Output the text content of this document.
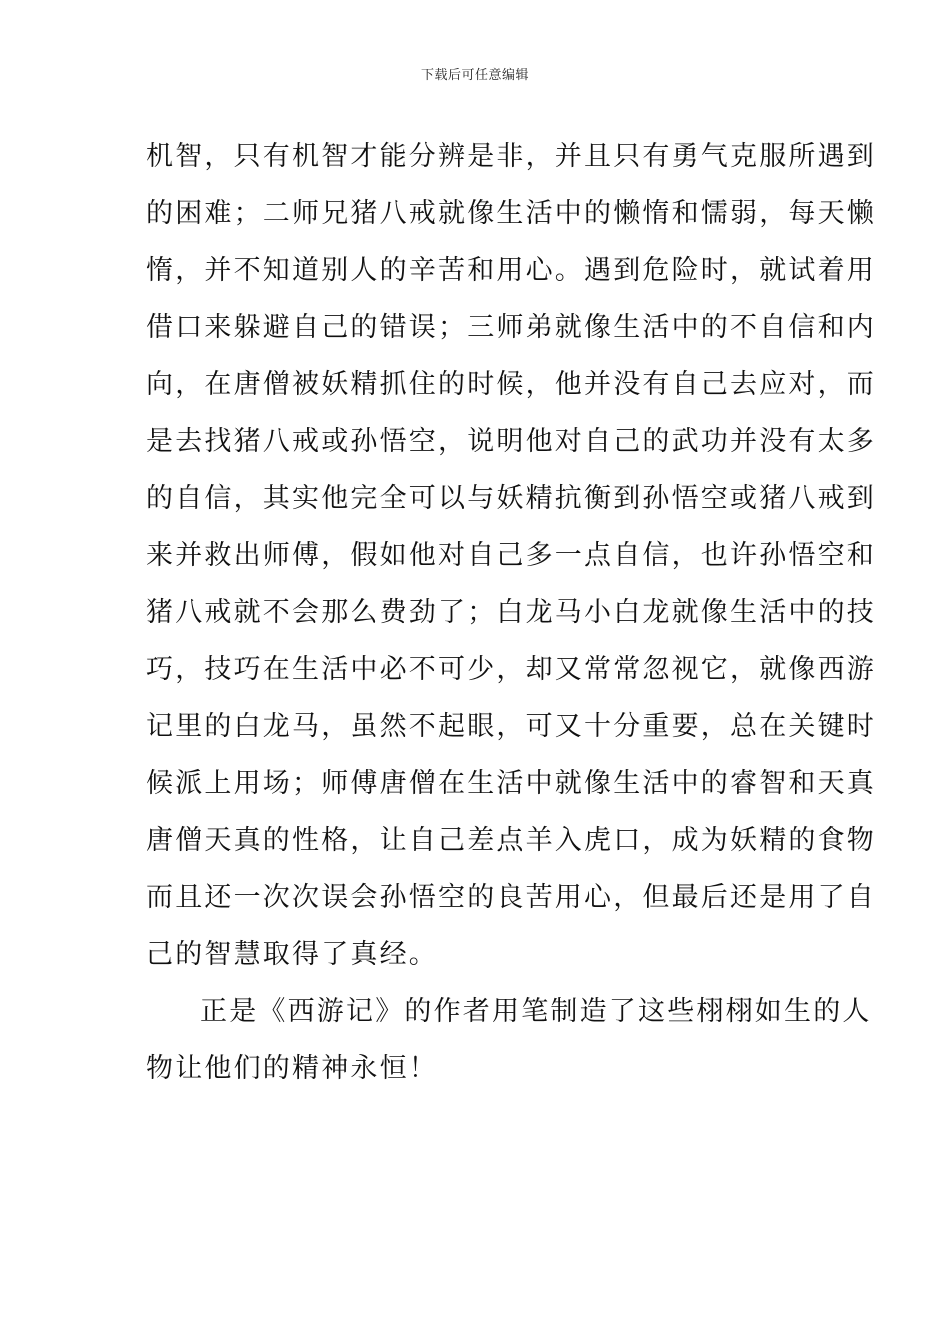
下载后可任意编辑
机智，只有机智才能分辨是非，并且只有勇气克服所遇到
的困难；二师兄猪八戒就像生活中的懒惰和懦弱，每天懒
惰，并不知道别人的辛苦和用心。遇到危险时，就试着用
借口来躲避自己的错误；三师弟就像生活中的不自信和内
向，在唐僧被妖精抓住的时候，他并没有自己去应对，而
是去找猪八戒或孙悟空，说明他对自己的武功并没有太多
的自信，其实他完全可以与妖精抗衡到孙悟空或猪八戒到
来并救出师傅，假如他对自己多一点自信，也许孙悟空和
猪八戒就不会那么费劲了；白龙马小白龙就像生活中的技
巧，技巧在生活中必不可少，却又常常忽视它，就像西游
记里的白龙马，虽然不起眼，可又十分重要，总在关键时
候派上用场；师傅唐僧在生活中就像生活中的睿智和天真
唐僧天真的性格，让自己差点羊入虎口，成为妖精的食物
而且还一次次误会孙悟空的良苦用心，但最后还是用了自
己的智慧取得了真经。
正是《西游记》的作者用笔制造了这些栩栩如生的人
物让他们的精神永恒！
